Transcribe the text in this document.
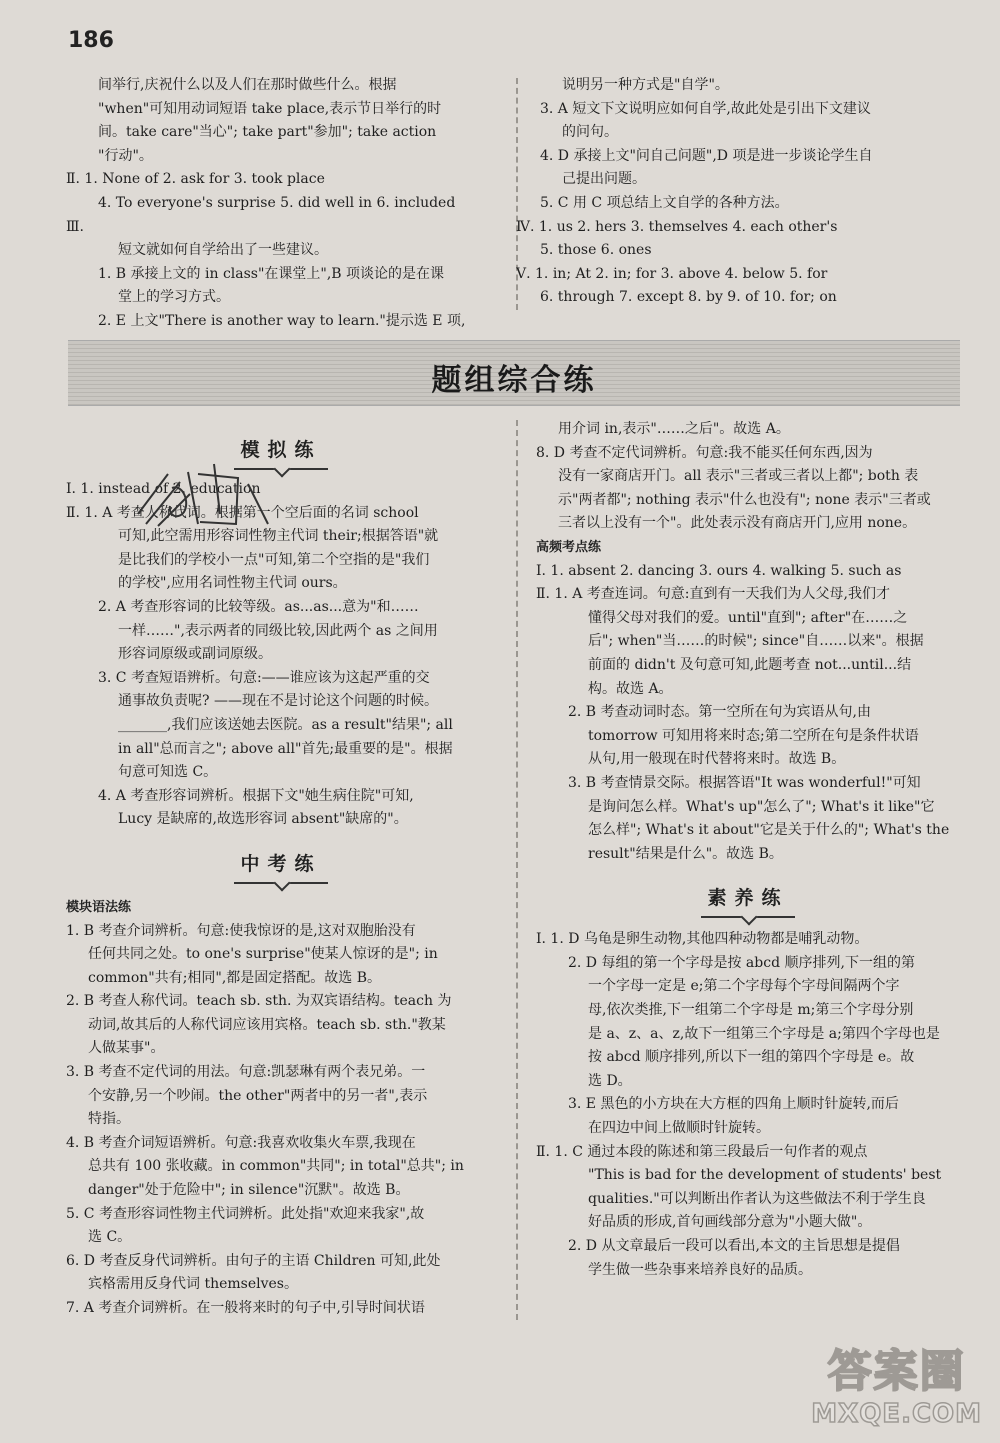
186
间举行,庆祝什么以及人们在那时做些什么。根据
"when"可知用动词短语 take place,表示节日举行的时
间。take care"当心"; take part"参加"; take action
"行动"。
Ⅱ. 1. None of 2. ask for 3. took place
4. To everyone's surprise 5. did well in 6. included
Ⅲ.
短文就如何自学给出了一些建议。
1. B 承接上文的 in class"在课堂上",B 项谈论的是在课
堂上的学习方式。
2. E 上文"There is another way to learn."提示选 E 项,
说明另一种方式是"自学"。
3. A 短文下文说明应如何自学,故此处是引出下文建议
的问句。
4. D 承接上文"问自己问题",D 项是进一步谈论学生自
己提出问题。
5. C 用 C 项总结上文自学的各种方法。
Ⅳ. 1. us 2. hers 3. themselves 4. each other's
5. those 6. ones
Ⅴ. 1. in; At 2. in; for 3. above 4. below 5. for
6. through 7. except 8. by 9. of 10. for; on
题组综合练
模拟练
Ⅰ. 1. instead of 2. education
Ⅱ. 1. A 考查人称代词。根据第一个空后面的名词 school
可知,此空需用形容词性物主代词 their;根据答语"就
是比我们的学校小一点"可知,第二个空指的是"我们
的学校",应用名词性物主代词 ours。
2. A 考查形容词的比较等级。as...as...意为"和……
一样……",表示两者的同级比较,因此两个 as 之间用
形容词原级或副词原级。
3. C 考查短语辨析。句意:——谁应该为这起严重的交
通事故负责呢? ——现在不是讨论这个问题的时候。
_______,我们应该送她去医院。as a result"结果"; all
in all"总而言之"; above all"首先;最重要的是"。根据
句意可知选 C。
4. A 考查形容词辨析。根据下文"她生病住院"可知,
Lucy 是缺席的,故选形容词 absent"缺席的"。
中考练
模块语法练
1. B 考查介词辨析。句意:使我惊讶的是,这对双胞胎没有
任何共同之处。to one's surprise"使某人惊讶的是"; in
common"共有;相同",都是固定搭配。故选 B。
2. B 考查人称代词。teach sb. sth. 为双宾语结构。teach 为
动词,故其后的人称代词应该用宾格。teach sb. sth."教某
人做某事"。
3. B 考查不定代词的用法。句意:凯瑟琳有两个表兄弟。一
个安静,另一个吵闹。the other"两者中的另一者",表示
特指。
4. B 考查介词短语辨析。句意:我喜欢收集火车票,我现在
总共有 100 张收藏。in common"共同"; in total"总共"; in
danger"处于危险中"; in silence"沉默"。故选 B。
5. C 考查形容词性物主代词辨析。此处指"欢迎来我家",故
选 C。
6. D 考查反身代词辨析。由句子的主语 Children 可知,此处
宾格需用反身代词 themselves。
7. A 考查介词辨析。在一般将来时的句子中,引导时间状语
用介词 in,表示"……之后"。故选 A。
8. D 考查不定代词辨析。句意:我不能买任何东西,因为
没有一家商店开门。all 表示"三者或三者以上都"; both 表
示"两者都"; nothing 表示"什么也没有"; none 表示"三者或
三者以上没有一个"。此处表示没有商店开门,应用 none。
高频考点练
Ⅰ. 1. absent 2. dancing 3. ours 4. walking 5. such as
Ⅱ. 1. A 考查连词。句意:直到有一天我们为人父母,我们才
懂得父母对我们的爱。until"直到"; after"在……之
后"; when"当……的时候"; since"自……以来"。根据
前面的 didn't 及句意可知,此题考查 not...until...结
构。故选 A。
2. B 考查动词时态。第一空所在句为宾语从句,由
tomorrow 可知用将来时态;第二空所在句是条件状语
从句,用一般现在时代替将来时。故选 B。
3. B 考查情景交际。根据答语"It was wonderful!"可知
是询问怎么样。What's up"怎么了"; What's it like"它
怎么样"; What's it about"它是关于什么的"; What's the
result"结果是什么"。故选 B。
素养练
Ⅰ. 1. D 乌龟是卵生动物,其他四种动物都是哺乳动物。
2. D 每组的第一个字母是按 abcd 顺序排列,下一组的第
一个字母一定是 e;第二个字母每个字母间隔两个字
母,依次类推,下一组第二个字母是 m;第三个字母分别
是 a、z、a、z,故下一组第三个字母是 a;第四个字母也是
按 abcd 顺序排列,所以下一组的第四个字母是 e。故
选 D。
3. E 黑色的小方块在大方框的四角上顺时针旋转,而后
在四边中间上做顺时针旋转。
Ⅱ. 1. C 通过本段的陈述和第三段最后一句作者的观点
"This is bad for the development of students' best
qualities."可以判断出作者认为这些做法不利于学生良
好品质的形成,首句画线部分意为"小题大做"。
2. D 从文章最后一段可以看出,本文的主旨思想是提倡
学生做一些杂事来培养良好的品质。
答案圈
MXQE.COM
